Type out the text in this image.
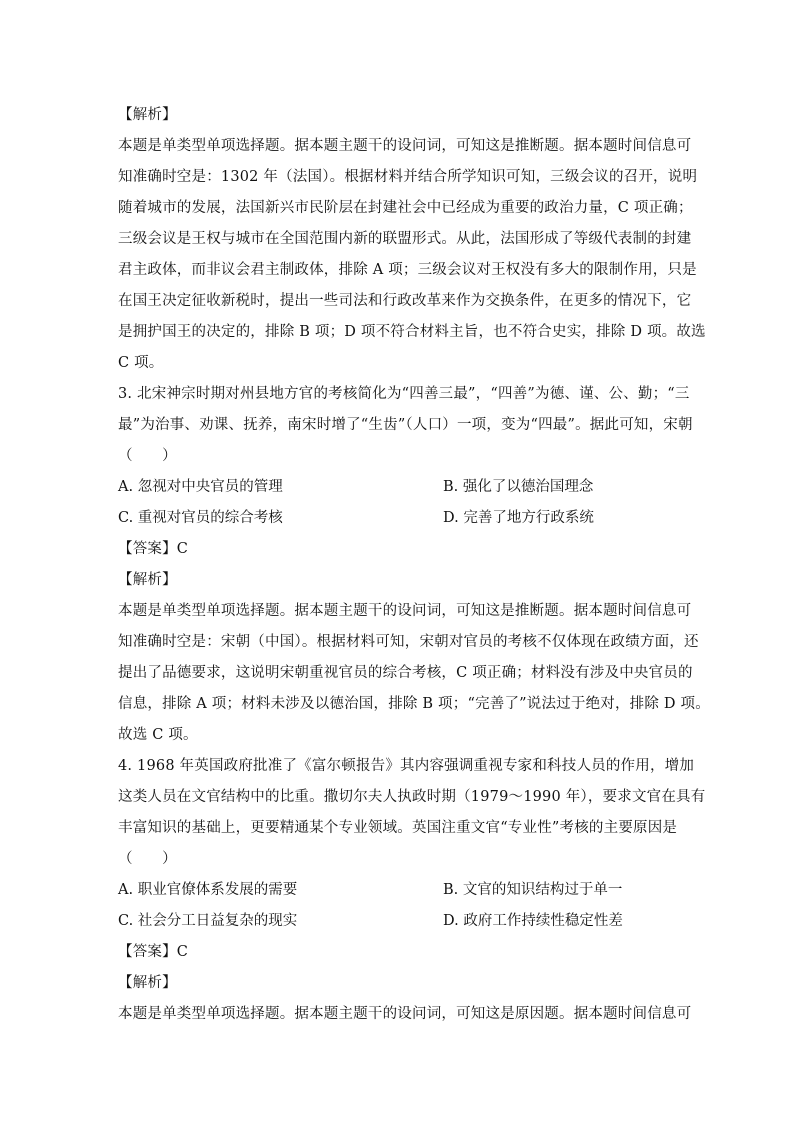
【解析】
本题是单类型单项选择题。据本题主题干的设问词，可知这是推断题。据本题时间信息可
知准确时空是：1302 年（法国）。根据材料并结合所学知识可知，三级会议的召开，说明
随着城市的发展，法国新兴市民阶层在封建社会中已经成为重要的政治力量，C 项正确；
三级会议是王权与城市在全国范围内新的联盟形式。从此，法国形成了等级代表制的封建
君主政体，而非议会君主制政体，排除 A 项；三级会议对王权没有多大的限制作用，只是
在国王决定征收新税时，提出一些司法和行政改革来作为交换条件，在更多的情况下，它
是拥护国王的决定的，排除 B 项；D 项不符合材料主旨，也不符合史实，排除 D 项。故选
C 项。
3. 北宋神宗时期对州县地方官的考核简化为“四善三最”，“四善”为德、谨、公、勤；“三
最”为治事、劝课、抚养，南宋时增了“生齿”（人口）一项，变为“四最”。据此可知，宋朝
（　　）
A. 忽视对中央官员的管理	B. 强化了以德治国理念
C. 重视对官员的综合考核	D. 完善了地方行政系统
【答案】C
【解析】
本题是单类型单项选择题。据本题主题干的设问词，可知这是推断题。据本题时间信息可
知准确时空是：宋朝（中国）。根据材料可知，宋朝对官员的考核不仅体现在政绩方面，还
提出了品德要求，这说明宋朝重视官员的综合考核，C 项正确；材料没有涉及中央官员的
信息，排除 A 项；材料未涉及以德治国，排除 B 项；“完善了”说法过于绝对，排除 D 项。
故选 C 项。
4. 1968 年英国政府批准了《富尔顿报告》其内容强调重视专家和科技人员的作用，增加
这类人员在文官结构中的比重。撒切尔夫人执政时期（1979～1990 年），要求文官在具有
丰富知识的基础上，更要精通某个专业领域。英国注重文官“专业性”考核的主要原因是
（　　）
A. 职业官僚体系发展的需要	B. 文官的知识结构过于单一
C. 社会分工日益复杂的现实	D. 政府工作持续性稳定性差
【答案】C
【解析】
本题是单类型单项选择题。据本题主题干的设问词，可知这是原因题。据本题时间信息可
